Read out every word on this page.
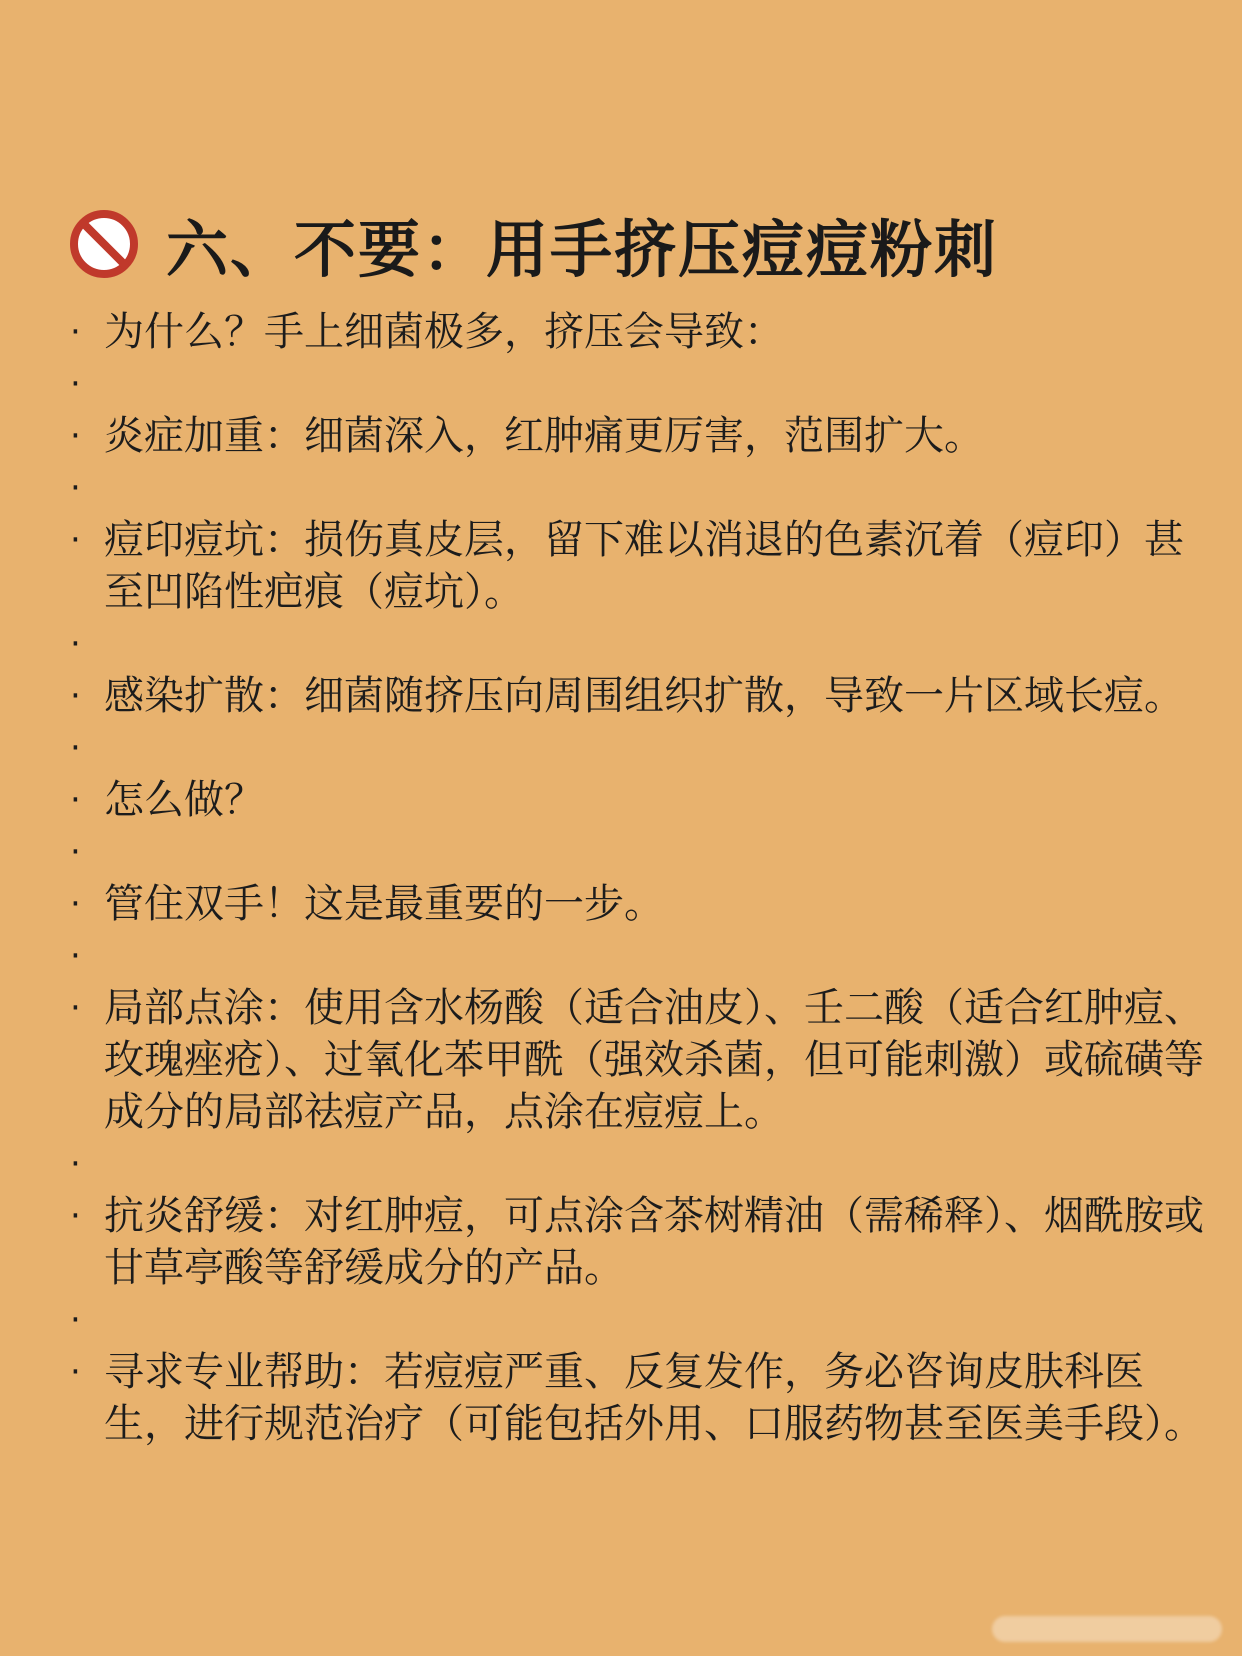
六、不要：用手挤压痘痘粉刺
· 为什么？手上细菌极多，挤压会导致：
·
· 炎症加重：细菌深入，红肿痛更厉害，范围扩大。
·
· 痘印痘坑：损伤真皮层，留下难以消退的色素沉着（痘印）甚至凹陷性疤痕（痘坑）。
·
· 感染扩散：细菌随挤压向周围组织扩散，导致一片区域长痘。
·
· 怎么做？
·
· 管住双手！这是最重要的一步。
·
· 局部点涂：使用含水杨酸（适合油皮）、壬二酸（适合红肿痘、玫瑰痤疮）、过氧化苯甲酰（强效杀菌，但可能刺激）或硫磺等成分的局部祛痘产品，点涂在痘痘上。
·
· 抗炎舒缓：对红肿痘，可点涂含茶树精油（需稀释）、烟酰胺或甘草亭酸等舒缓成分的产品。
·
· 寻求专业帮助：若痘痘严重、反复发作，务必咨询皮肤科医生，进行规范治疗（可能包括外用、口服药物甚至医美手段）。
